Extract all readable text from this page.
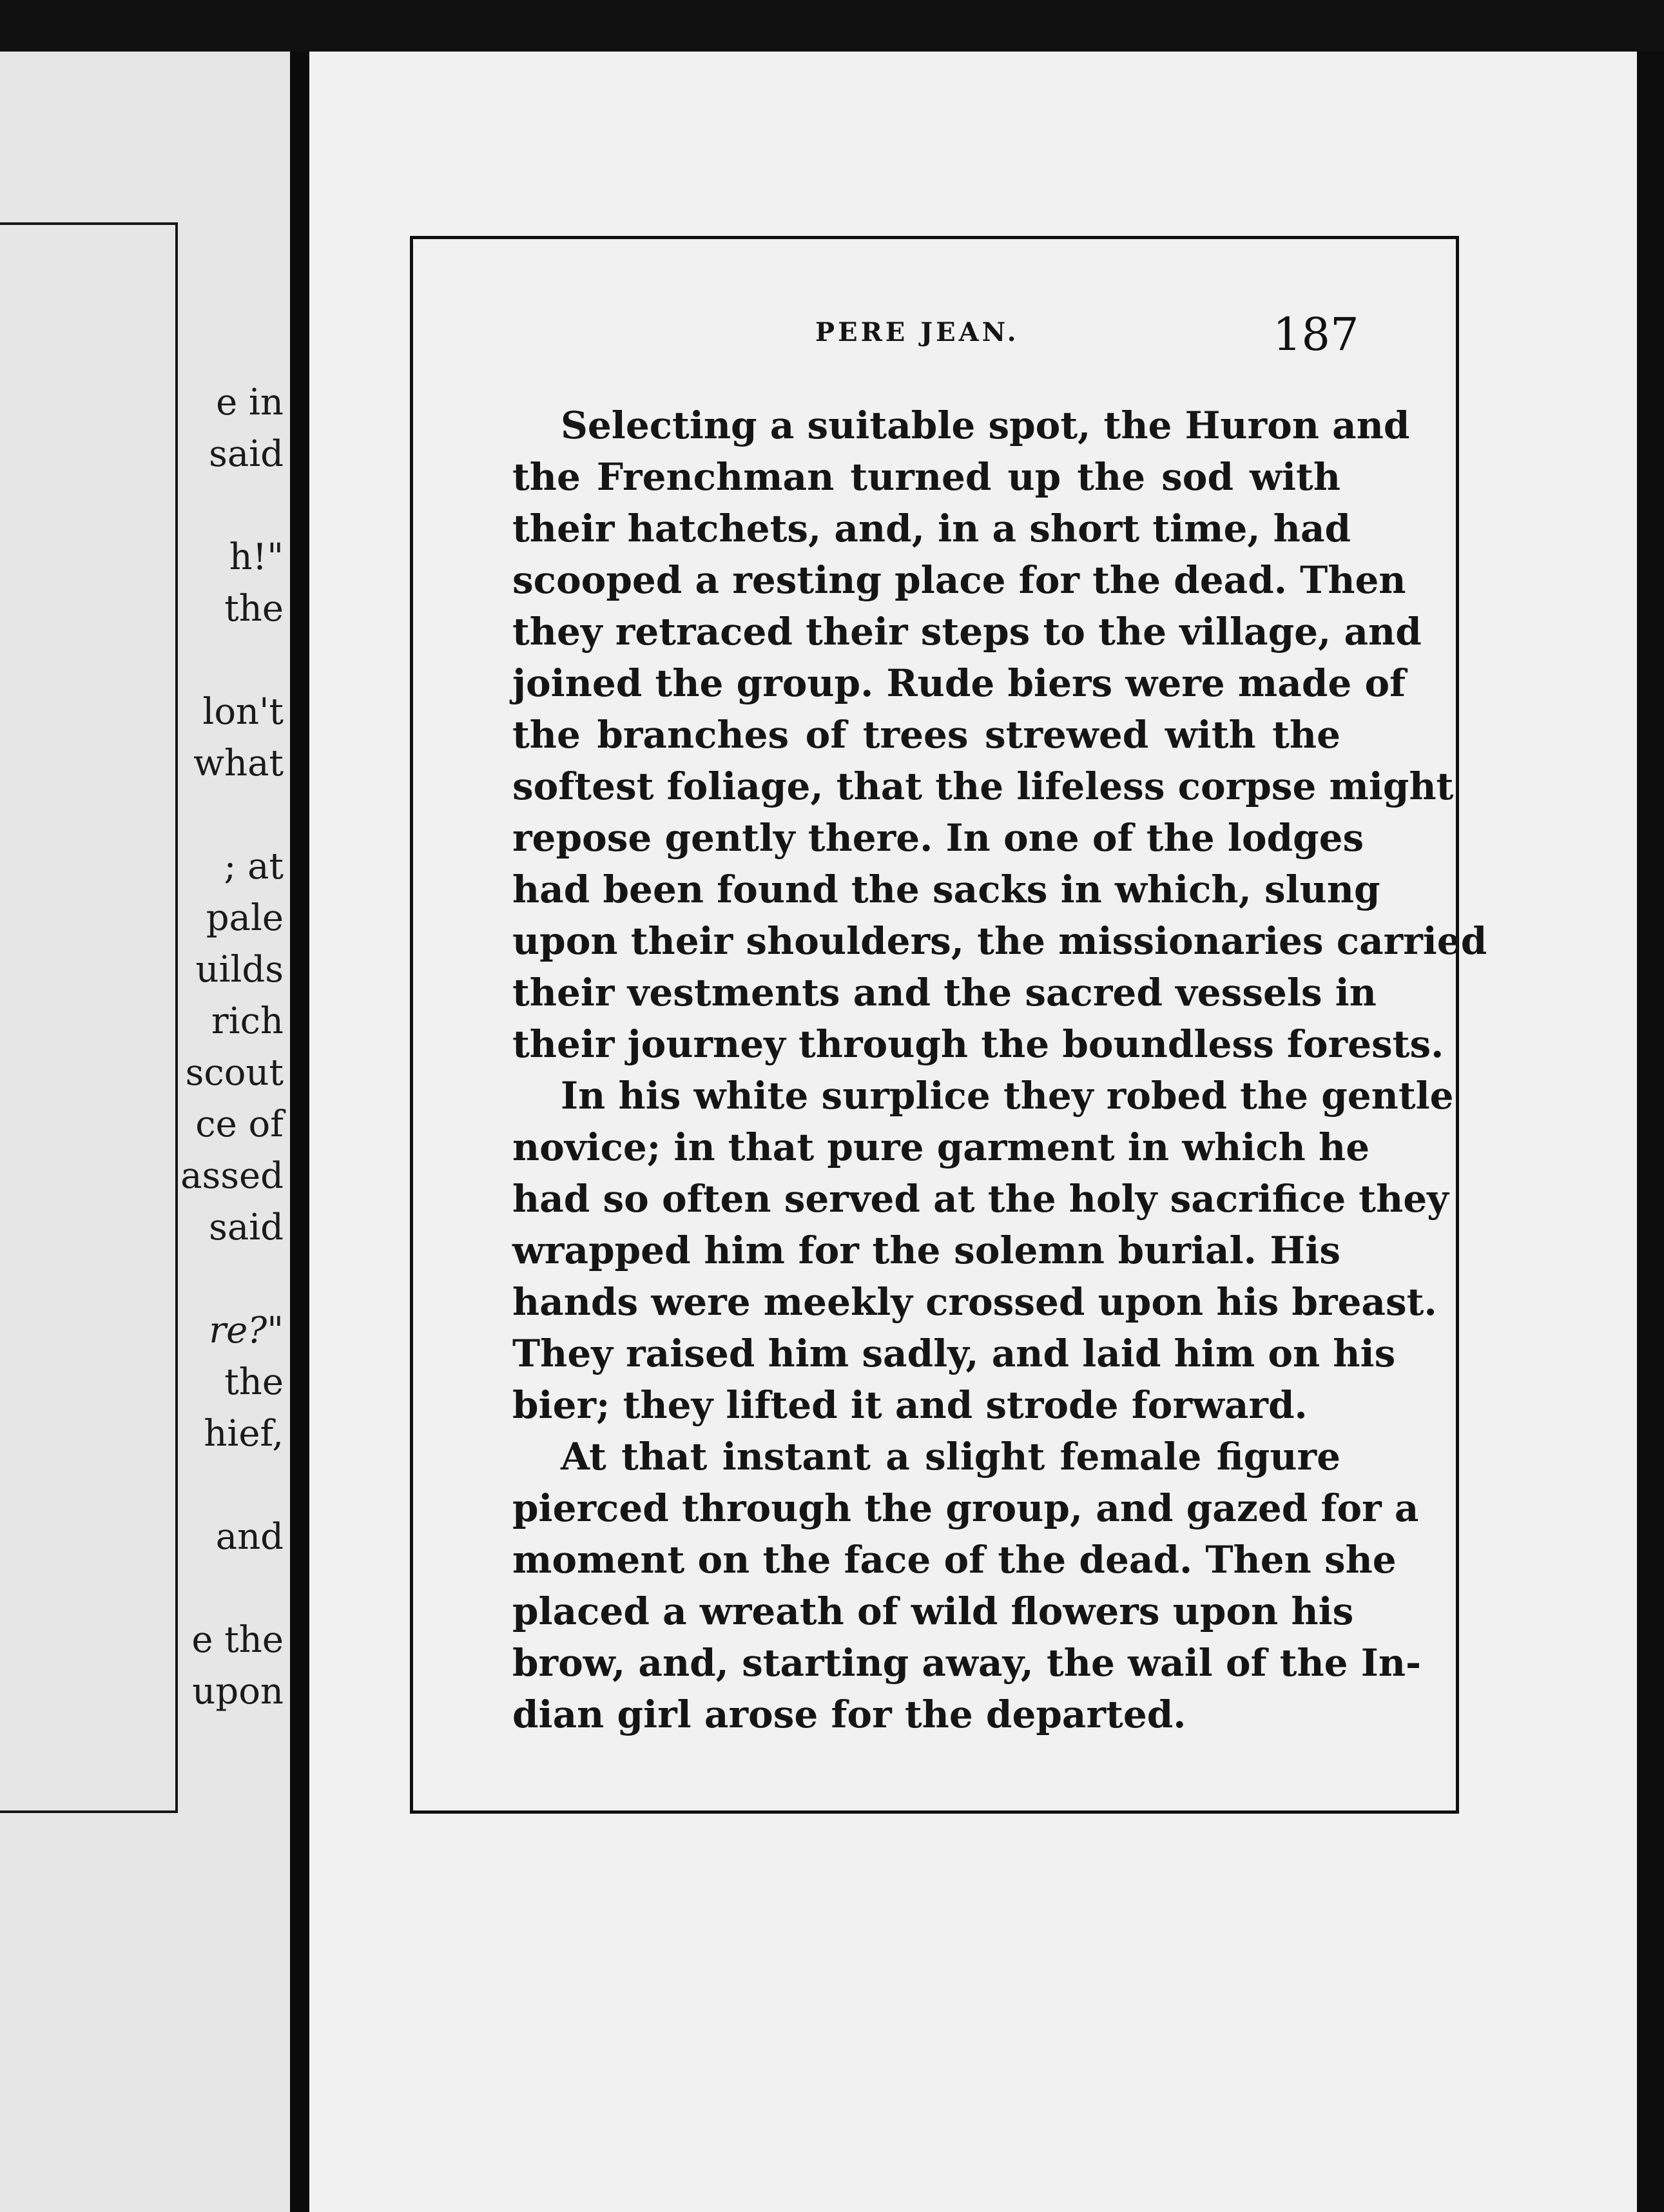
e in
said
h!"
the
lon't
what
; at
pale
uilds
rich
scout
ce of
assed
said
re?"
the
hief,
and
e the
upon
PERE JEAN.	187
Selecting a suitable spot, the Huron and
the Frenchman turned up the sod with
their hatchets, and, in a short time, had
scooped a resting place for the dead. Then
they retraced their steps to the village, and
joined the group. Rude biers were made of
the branches of trees strewed with the
softest foliage, that the lifeless corpse might
repose gently there. In one of the lodges
had been found the sacks in which, slung
upon their shoulders, the missionaries carried
their vestments and the sacred vessels in
their journey through the boundless forests.
In his white surplice they robed the gentle
novice; in that pure garment in which he
had so often served at the holy sacrifice they
wrapped him for the solemn burial. His
hands were meekly crossed upon his breast.
They raised him sadly, and laid him on his
bier; they lifted it and strode forward.
At that instant a slight female figure
pierced through the group, and gazed for a
moment on the face of the dead. Then she
placed a wreath of wild flowers upon his
brow, and, starting away, the wail of the In-
dian girl arose for the departed.
